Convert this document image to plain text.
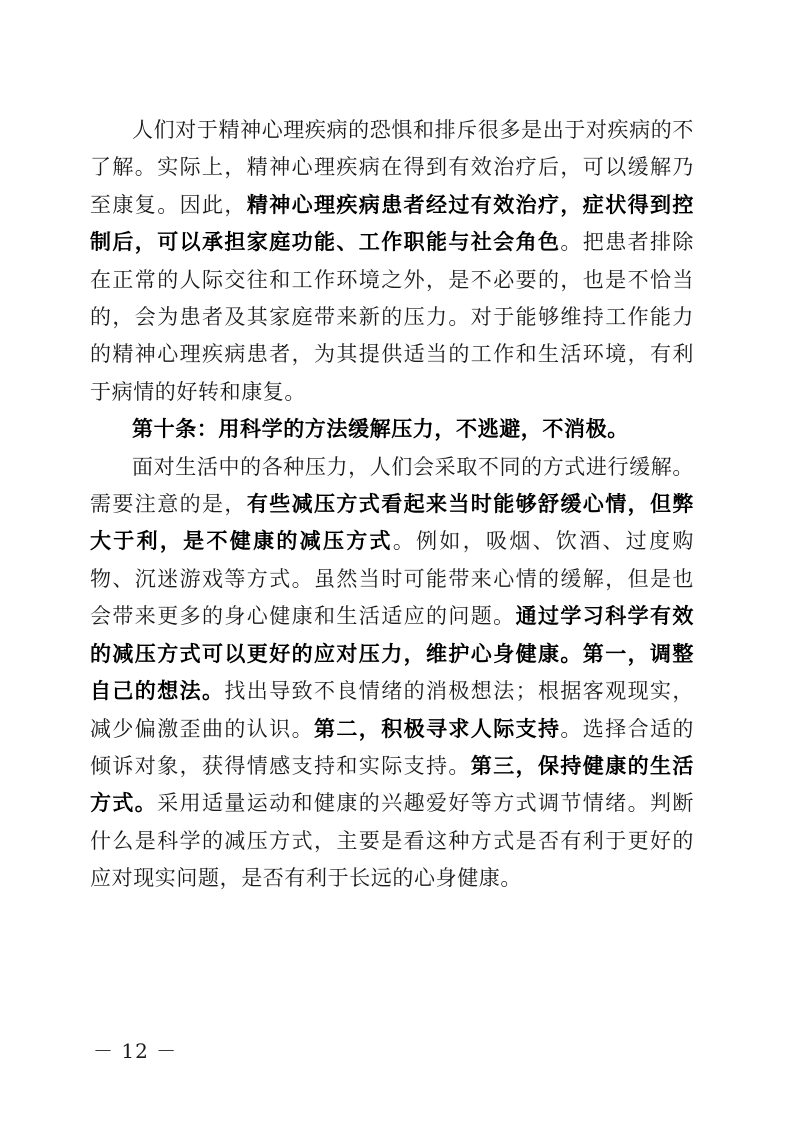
人们对于精神心理疾病的恐惧和排斥很多是出于对疾病的不了解。实际上，精神心理疾病在得到有效治疗后，可以缓解乃至康复。因此，精神心理疾病患者经过有效治疗，症状得到控制后，可以承担家庭功能、工作职能与社会角色。把患者排除在正常的人际交往和工作环境之外，是不必要的，也是不恰当的，会为患者及其家庭带来新的压力。对于能够维持工作能力的精神心理疾病患者，为其提供适当的工作和生活环境，有利于病情的好转和康复。

第十条：用科学的方法缓解压力，不逃避，不消极。

面对生活中的各种压力，人们会采取不同的方式进行缓解。需要注意的是，有些减压方式看起来当时能够舒缓心情，但弊大于利，是不健康的减压方式。例如，吸烟、饮酒、过度购物、沉迷游戏等方式。虽然当时可能带来心情的缓解，但是也会带来更多的身心健康和生活适应的问题。通过学习科学有效的减压方式可以更好的应对压力，维护心身健康。第一，调整自己的想法。找出导致不良情绪的消极想法；根据客观现实，减少偏激歪曲的认识。第二，积极寻求人际支持。选择合适的倾诉对象，获得情感支持和实际支持。第三，保持健康的生活方式。采用适量运动和健康的兴趣爱好等方式调节情绪。判断什么是科学的减压方式，主要是看这种方式是否有利于更好的应对现实问题，是否有利于长远的心身健康。

－ 12 －
